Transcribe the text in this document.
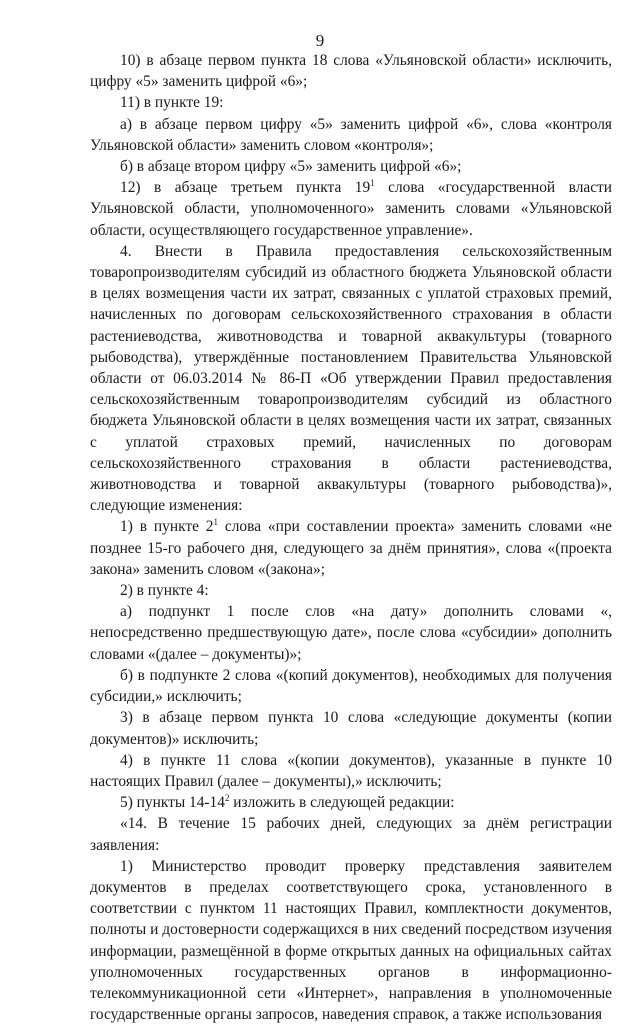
9

10) в абзаце первом пункта 18 слова «Ульяновской области» исключить, цифру «5» заменить цифрой «6»;

11) в пункте 19:

а) в абзаце первом цифру «5» заменить цифрой «6», слова «контроля Ульяновской области» заменить словом «контроля»;

б) в абзаце втором цифру «5» заменить цифрой «6»;

12) в абзаце третьем пункта $19^1$ слова «государственной власти Ульяновской области, уполномоченного» заменить словами «Ульяновской области, осуществляющего государственное управление».

4. Внести в Правила предоставления сельскохозяйственным товаропроизводителям субсидий из областного бюджета Ульяновской области в целях возмещения части их затрат, связанных с уплатой страховых премий, начисленных по договорам сельскохозяйственного страхования в области растениеводства, животноводства и товарной аквакультуры (товарного рыбоводства), утверждённые постановлением Правительства Ульяновской области от 06.03.2014 № 86-П «Об утверждении Правил предоставления сельскохозяйственным товаропроизводителям субсидий из областного бюджета Ульяновской области в целях возмещения части их затрат, связанных с уплатой страховых премий, начисленных по договорам сельскохозяйственного страхования в области растениеводства, животноводства и товарной аквакультуры (товарного рыбоводства)», следующие изменения:

1) в пункте $2^1$ слова «при составлении проекта» заменить словами «не позднее 15-го рабочего дня, следующего за днём принятия», слова «(проекта закона» заменить словом «(закона»;

2) в пункте 4:

а) подпункт 1 после слов «на дату» дополнить словами «, непосредственно предшествующую дате», после слова «субсидии» дополнить словами «(далее – документы)»;

б) в подпункте 2 слова «(копий документов), необходимых для получения субсидии,» исключить;

3) в абзаце первом пункта 10 слова «следующие документы (копии документов)» исключить;

4) в пункте 11 слова «(копии документов), указанные в пункте 10 настоящих Правил (далее – документы),» исключить;

5) пункты $14-14^2$ изложить в следующей редакции:

«14. В течение 15 рабочих дней, следующих за днём регистрации заявления:

1) Министерство проводит проверку представления заявителем документов в пределах соответствующего срока, установленного в соответствии с пунктом 11 настоящих Правил, комплектности документов, полноты и достоверности содержащихся в них сведений посредством изучения информации, размещённой в форме открытых данных на официальных сайтах уполномоченных государственных органов в информационно-телекоммуникационной сети «Интернет», направления в уполномоченные государственные органы запросов, наведения справок, а также использования
